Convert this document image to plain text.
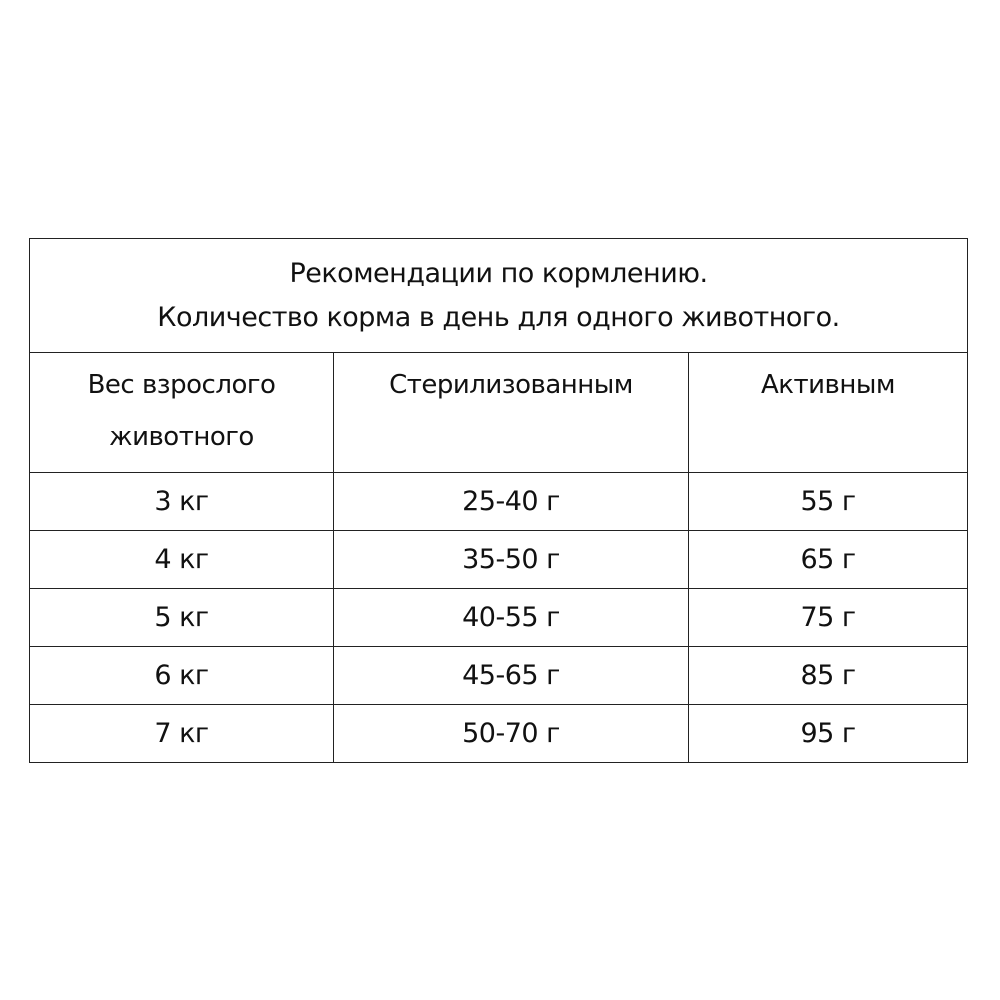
Рекомендации по кормлению.
Количество корма в день для одного животного.		

Вес взрослого животного	Стерилизованным	Активным
3 кг	25-40 г	55 г
4 кг	35-50 г	65 г
5 кг	40-55 г	75 г
6 кг	45-65 г	85 г
7 кг	50-70 г	95 г
